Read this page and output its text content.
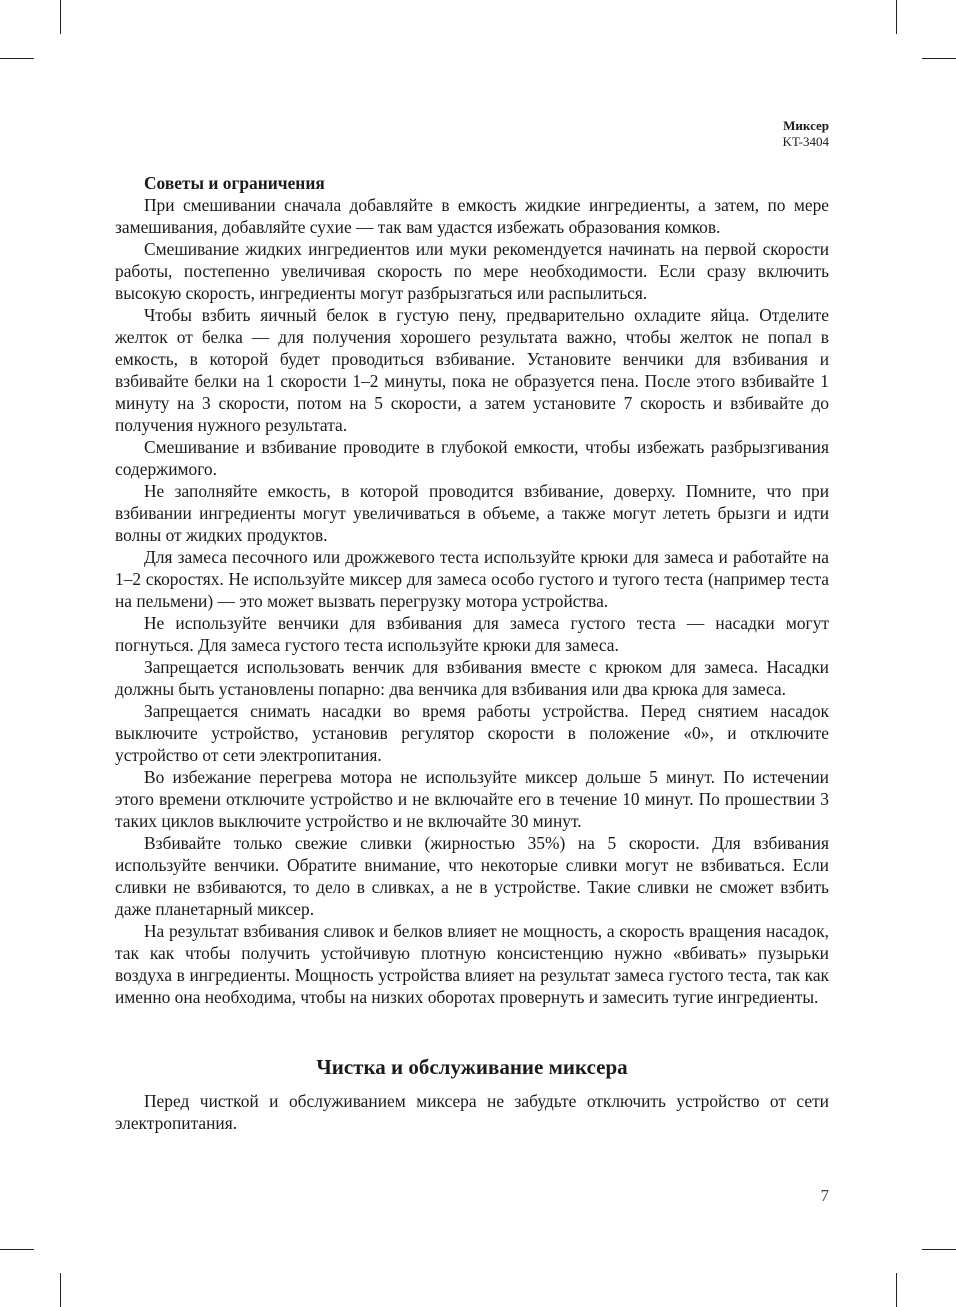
Миксер
KT-3404
Советы и ограничения

При смешивании сначала добавляйте в емкость жидкие ингредиенты, а затем, по мере замешивания, добавляйте сухие — так вам удастся избежать образования комков.

Смешивание жидких ингредиентов или муки рекомендуется начинать на первой скорости работы, постепенно увеличивая скорость по мере необходимости. Если сразу включить высокую скорость, ингредиенты могут разбрызгаться или распылиться.

Чтобы взбить яичный белок в густую пену, предварительно охладите яйца. Отделите желток от белка — для получения хорошего результата важно, чтобы желток не попал в емкость, в которой будет проводиться взбивание. Установите венчики для взбивания и взбивайте белки на 1 скорости 1–2 минуты, пока не образуется пена. После этого взбивайте 1 минуту на 3 скорости, потом на 5 скорости, а затем установите 7 скорость и взбивайте до получения нужного результата.

Смешивание и взбивание проводите в глубокой емкости, чтобы избежать разбрызгивания содержимого.

Не заполняйте емкость, в которой проводится взбивание, доверху. Помните, что при взбивании ингредиенты могут увеличиваться в объеме, а также могут лететь брызги и идти волны от жидких продуктов.

Для замеса песочного или дрожжевого теста используйте крюки для замеса и работайте на 1–2 скоростях. Не используйте миксер для замеса особо густого и тугого теста (например теста на пельмени) — это может вызвать перегрузку мотора устройства.

Не используйте венчики для взбивания для замеса густого теста — насадки могут погнуться. Для замеса густого теста используйте крюки для замеса.

Запрещается использовать венчик для взбивания вместе с крюком для замеса. Насадки должны быть установлены попарно: два венчика для взбивания или два крюка для замеса.

Запрещается снимать насадки во время работы устройства. Перед снятием насадок выключите устройство, установив регулятор скорости в положение «0», и отключите устройство от сети электропитания.

Во избежание перегрева мотора не используйте миксер дольше 5 минут. По истечении этого времени отключите устройство и не включайте его в течение 10 минут. По прошествии 3 таких циклов выключите устройство и не включайте 30 минут.

Взбивайте только свежие сливки (жирностью 35%) на 5 скорости. Для взбивания используйте венчики. Обратите внимание, что некоторые сливки могут не взбиваться. Если сливки не взбиваются, то дело в сливках, а не в устройстве. Такие сливки не сможет взбить даже планетарный миксер.

На результат взбивания сливок и белков влияет не мощность, а скорость вращения насадок, так как чтобы получить устойчивую плотную консистенцию нужно «вбивать» пузырьки воздуха в ингредиенты. Мощность устройства влияет на результат замеса густого теста, так как именно она необходима, чтобы на низких оборотах провернуть и замесить тугие ингредиенты.

Чистка и обслуживание миксера

Перед чисткой и обслуживанием миксера не забудьте отключить устройство от сети электропитания.

7
